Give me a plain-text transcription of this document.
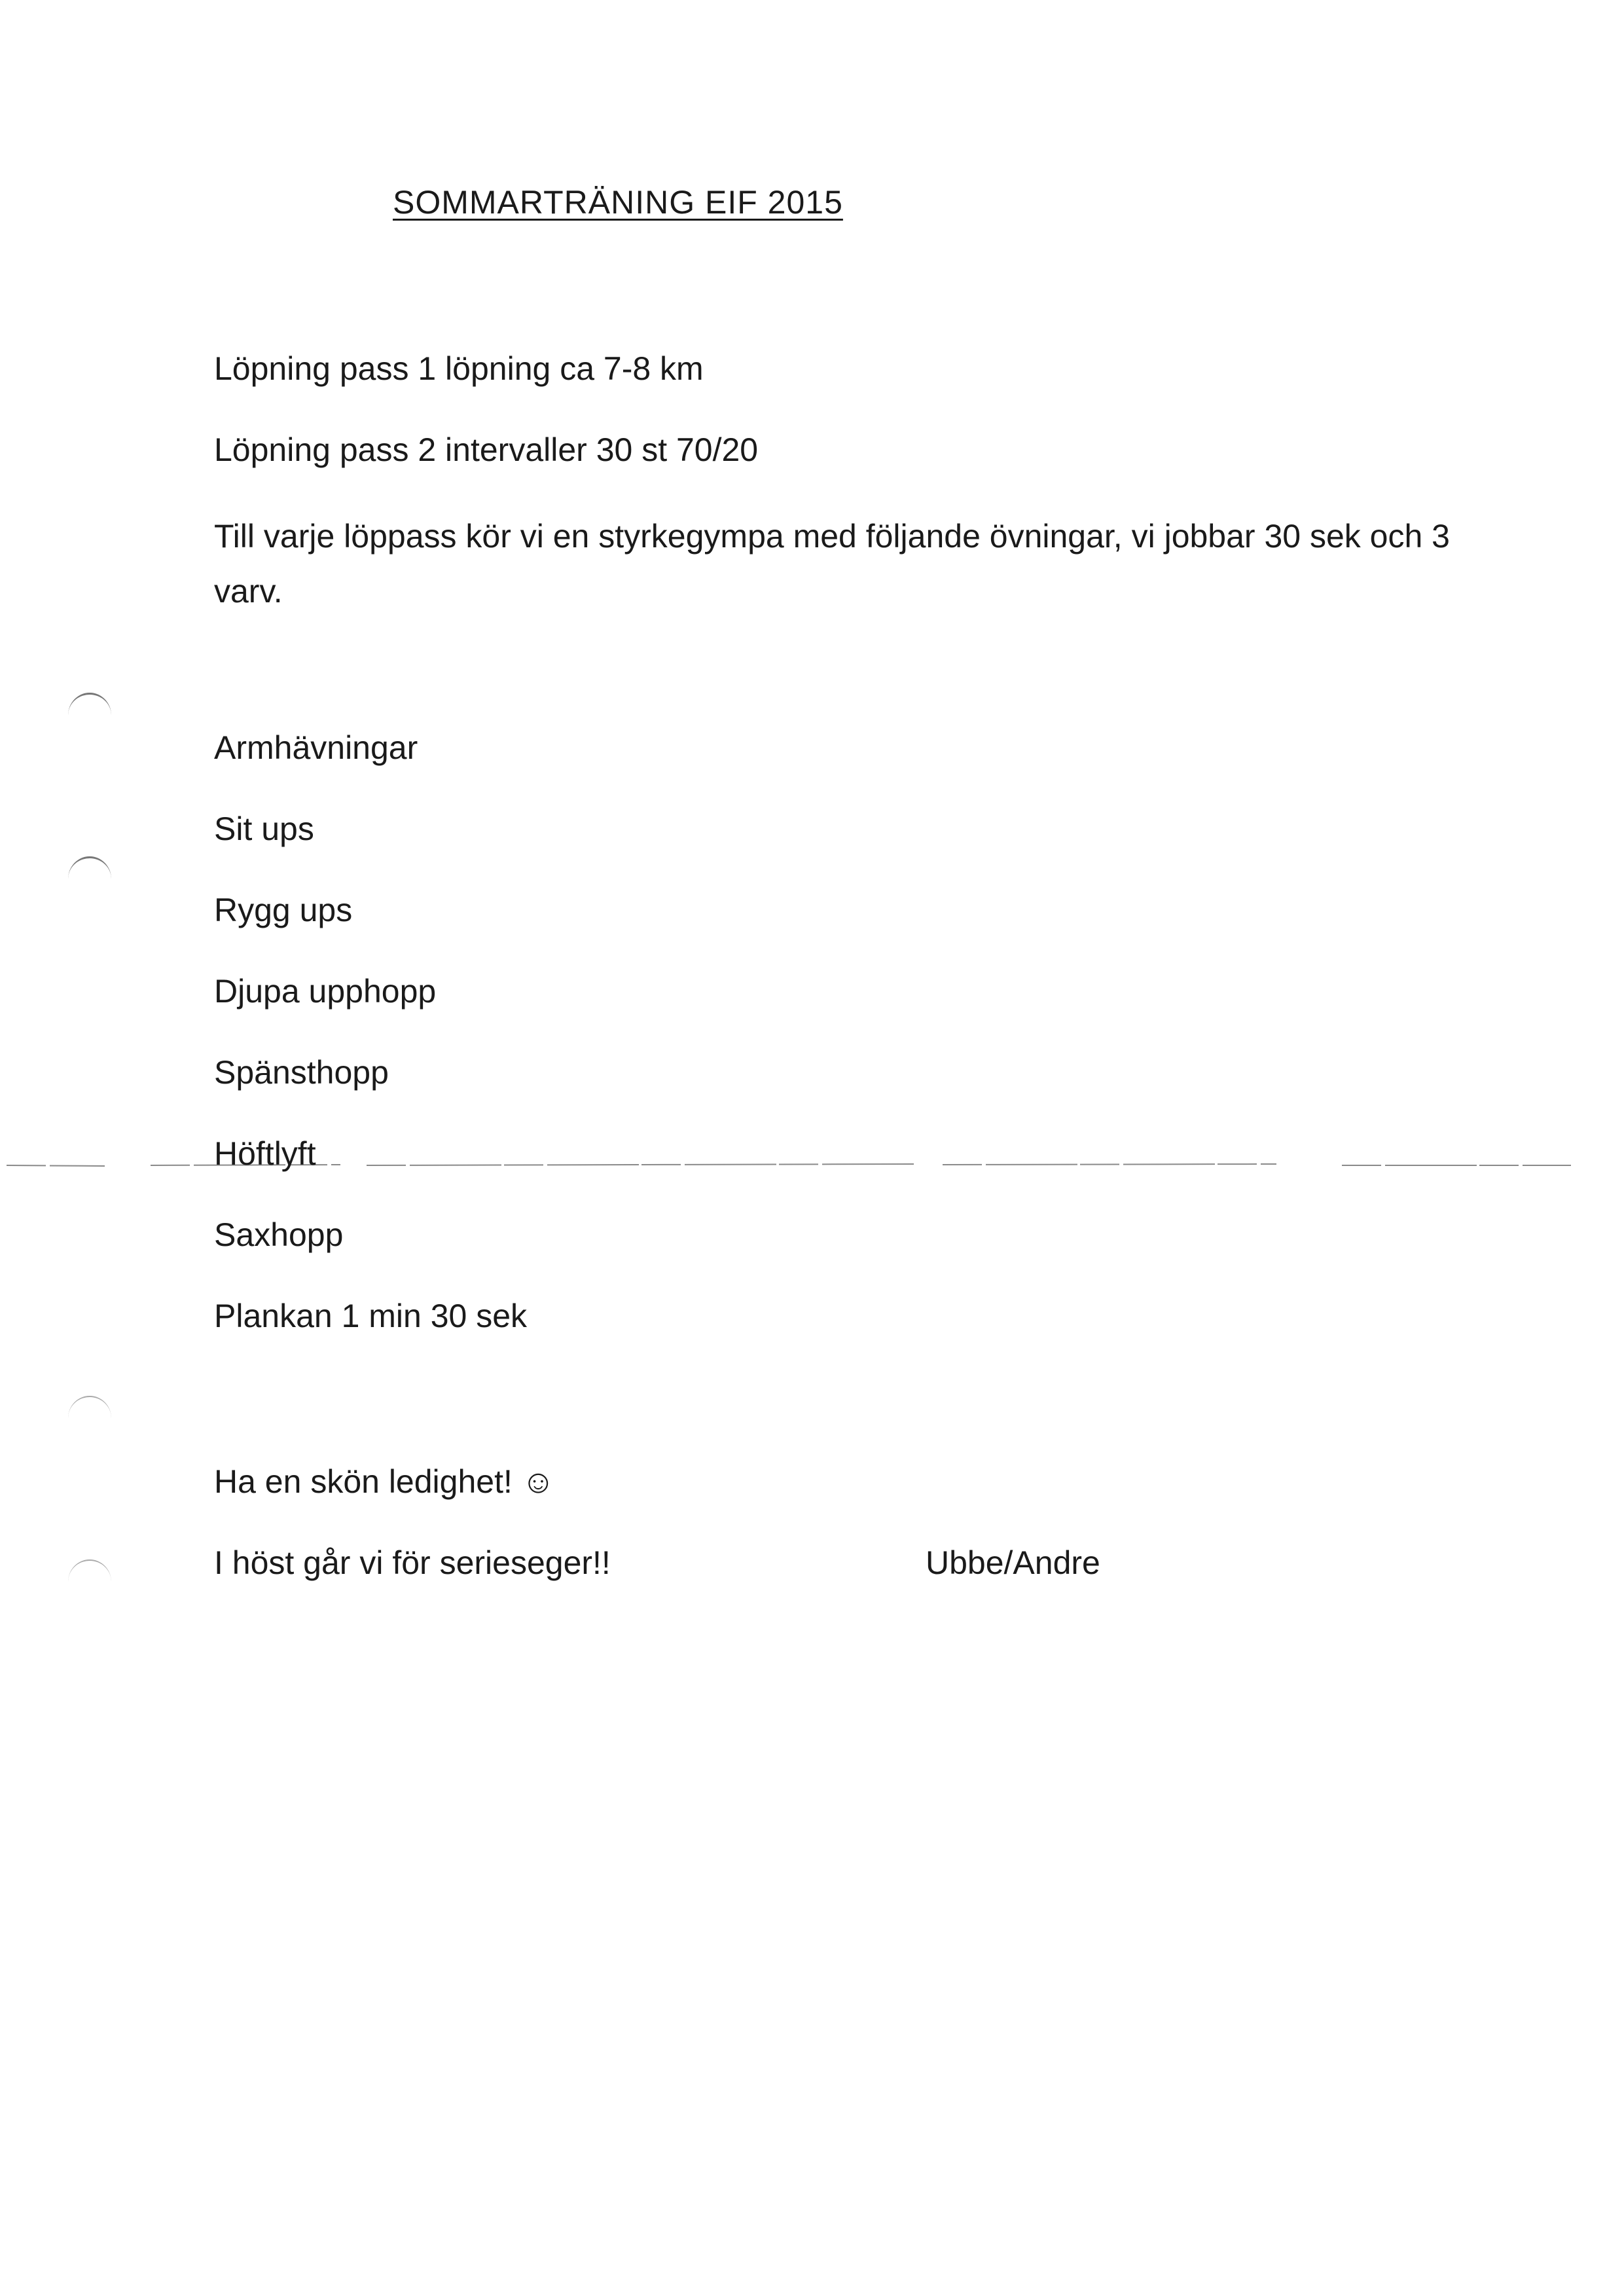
SOMMARTRÄNING EIF 2015
Löpning pass 1 löpning ca 7-8 km
Löpning pass 2 intervaller 30 st 70/20
Till varje löppass kör vi en styrkegympa med följande övningar, vi jobbar 30 sek och 3 varv.
Armhävningar
Sit ups
Rygg ups
Djupa upphopp
Spänsthopp
Höftlyft
Saxhopp
Plankan 1 min 30 sek
Ha en skön ledighet! ☺
I höst går vi för serieseger!!	Ubbe/Andre
